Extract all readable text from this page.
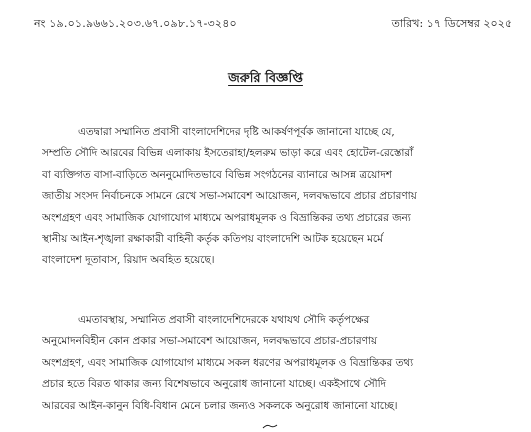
নং ১৯.০১.৯৬৬১.২০৩.৬৭.০৯৮.১৭-৩২৪০	তারিখ: ১৭ ডিসেম্বর ২০২৫
জরুরি বিজ্ঞপ্তি
এতদ্বারা সম্মানিত প্রবাসী বাংলাদেশিদের দৃষ্টি আকর্ষণপূর্বক জানানো যাচ্ছে যে,
সম্প্রতি সৌদি আরবের বিভিন্ন এলাকায় ইসতেরাহা/হলরুম ভাড়া করে এবং হোটেল-রেস্তোরাঁ
বা ব্যক্তিগত বাসা-বাড়িতে অননুমোদিতভাবে বিভিন্ন সংগঠনের ব্যানারে আসন্ন ত্রয়োদশ
জাতীয় সংসদ নির্বাচনকে সামনে রেখে সভা-সমাবেশ আয়োজন, দলবদ্ধভাবে প্রচার প্রচারণায়
অংশগ্রহণ এবং সামাজিক যোগাযোগ মাধ্যমে অপরাধমূলক ও বিভ্রান্তিকর তথ্য প্রচারের জন্য
স্থানীয় আইন-শৃঙ্খলা রক্ষাকারী বাহিনী কর্তৃক কতিপয় বাংলাদেশি আটক হয়েছেন মর্মে
বাংলাদেশ দূতাবাস, রিয়াদ অবহিত হয়েছে।
এমতাবস্থায়, সম্মানিত প্রবাসী বাংলাদেশিদেরকে যথাযথ সৌদি কর্তৃপক্ষের
অনুমোদনবিহীন কোন প্রকার সভা-সমাবেশ আয়োজন, দলবদ্ধভাবে প্রচার-প্রচারণায়
অংশগ্রহণ, এবং সামাজিক যোগাযোগ মাধ্যমে সকল ধরণের অপরাধমূলক ও বিভ্রান্তিকর তথ্য
প্রচার হতে বিরত থাকার জন্য বিশেষভাবে অনুরোধ জানানো যাচ্ছে। একইসাথে সৌদি
আরবের আইন-কানুন বিধি-বিধান মেনে চলার জন্যও সকলকে অনুরোধ জানানো যাচ্ছে।
